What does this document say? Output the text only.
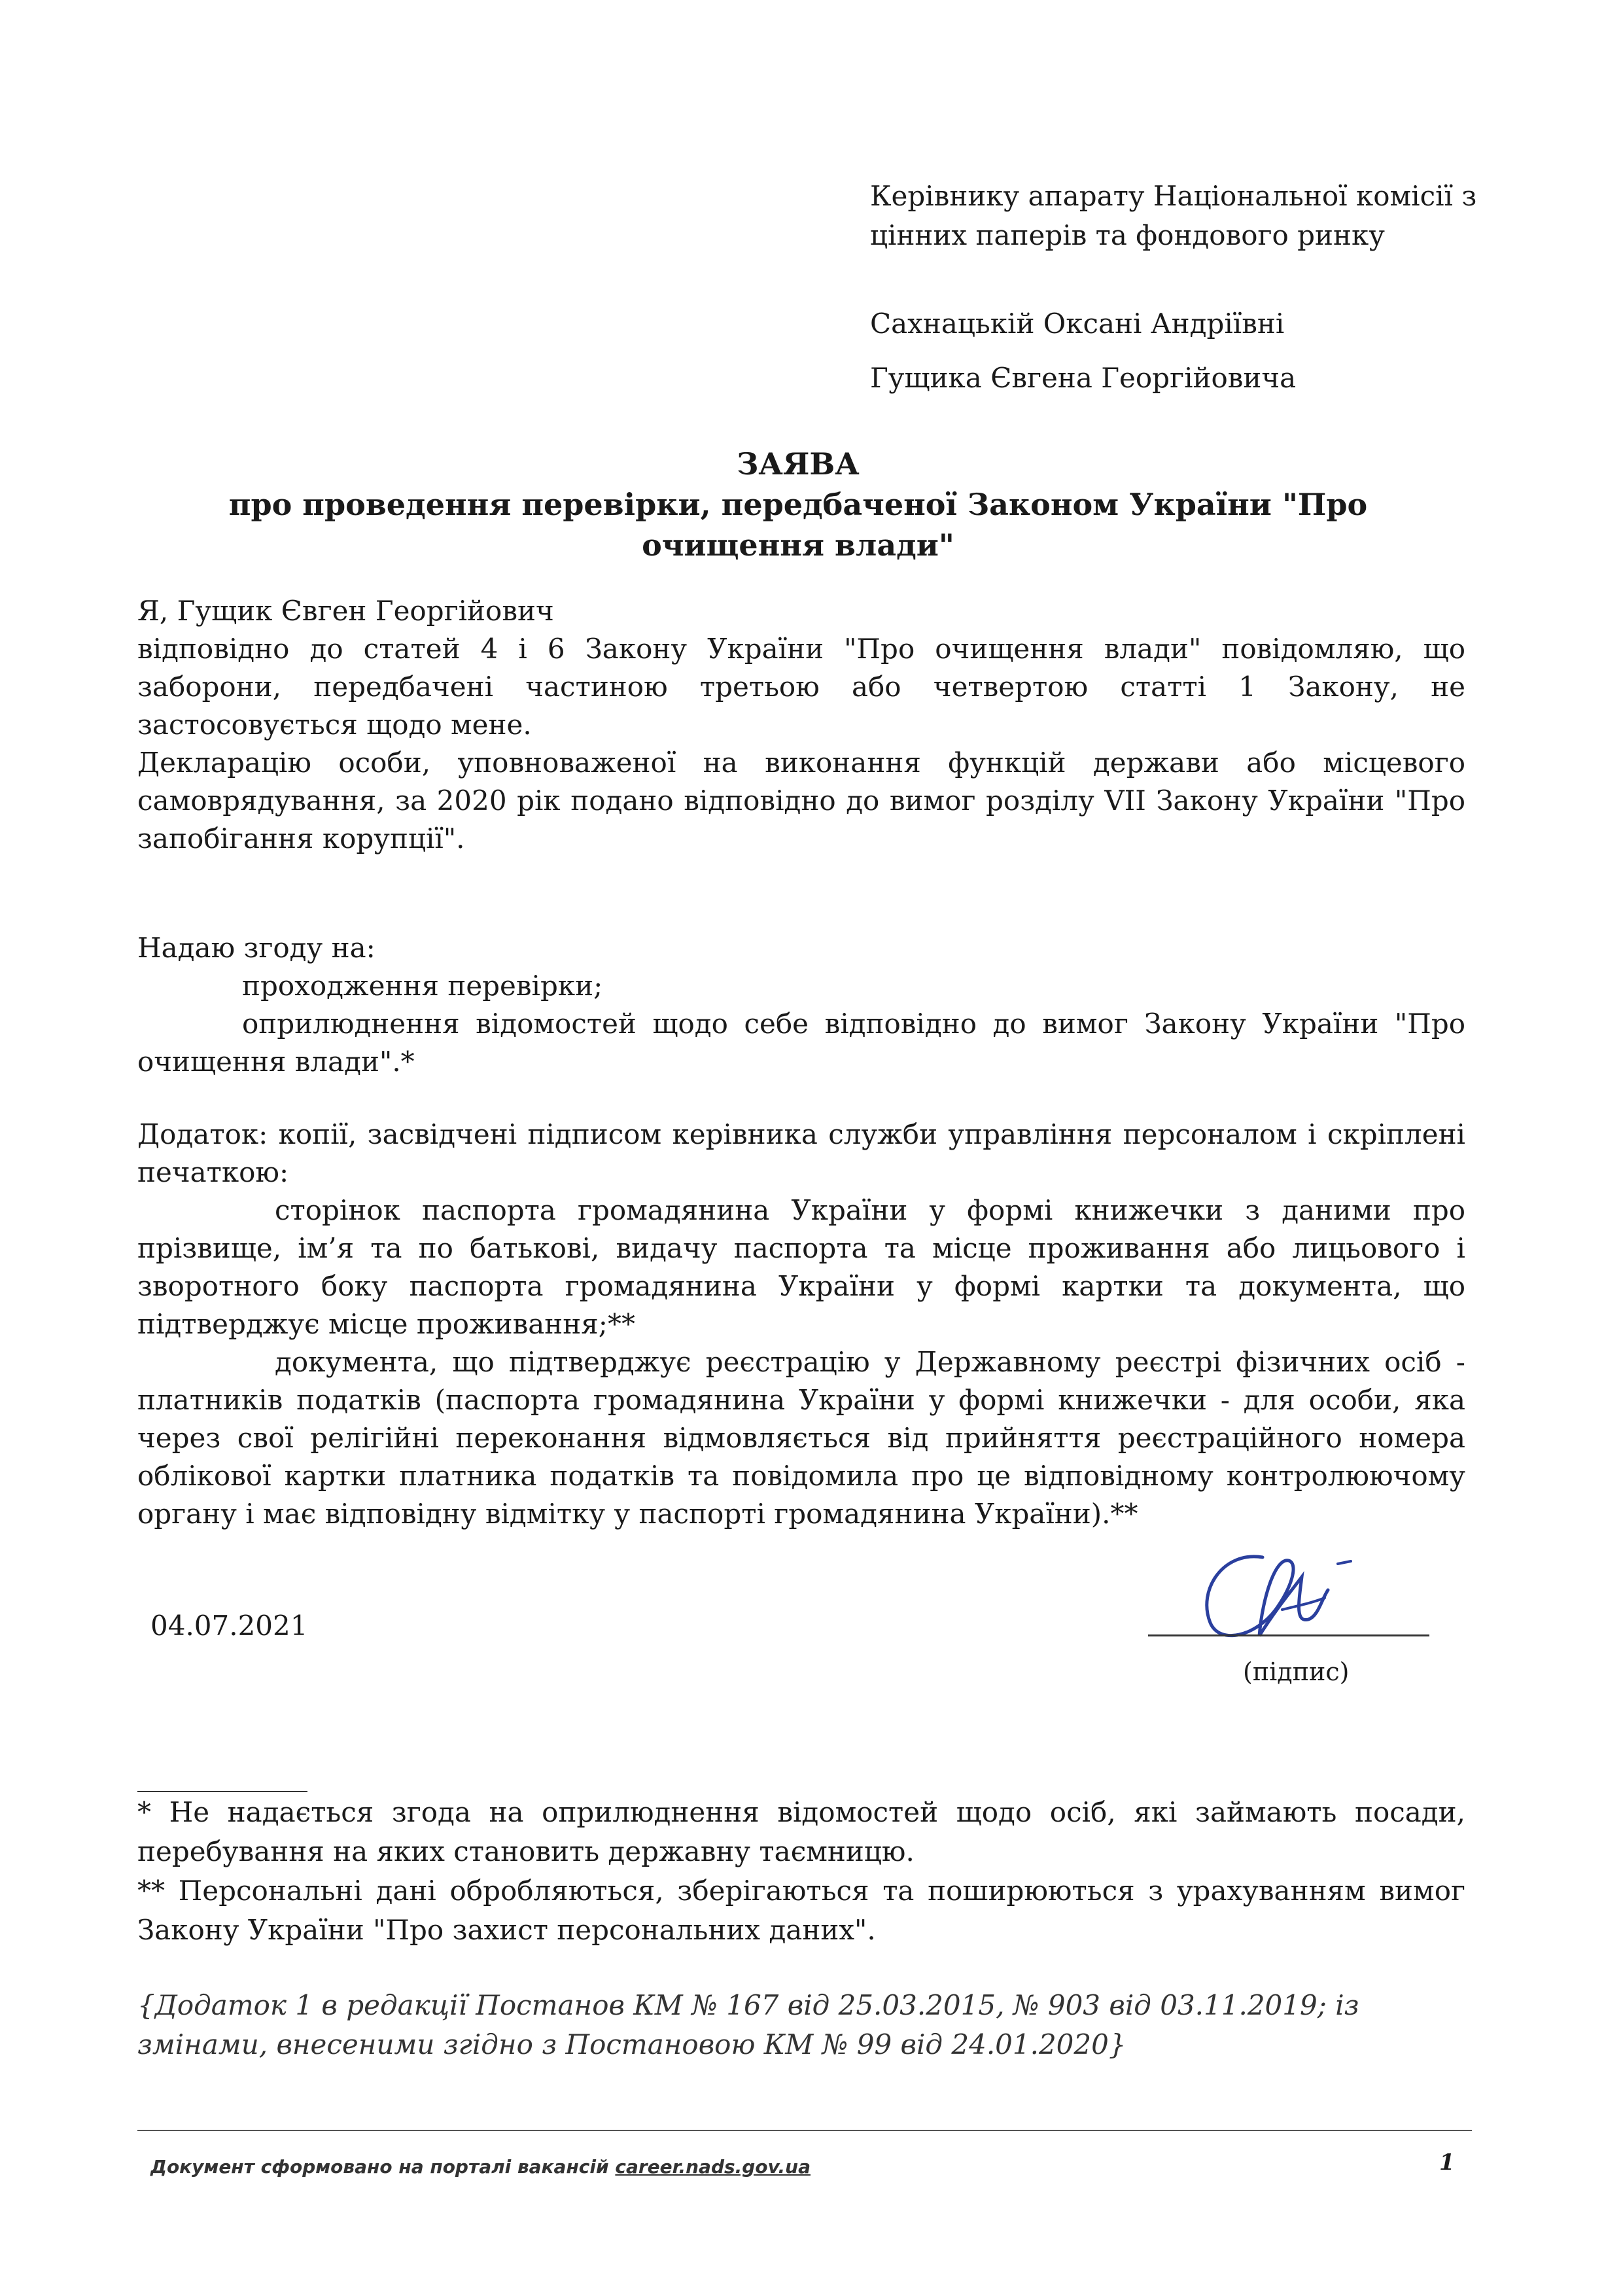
Керівнику апарату Національної комісії з цінних паперів та фондового ринку
Сахнацькій Оксані Андріївні
Гущика Євгена Георгійовича
ЗАЯВА
про проведення перевірки, передбаченої Законом України "Про очищення влади"

Я, Гущик Євген Георгійович

відповідно до статей 4 і 6 Закону України "Про очищення влади" повідомляю, що заборони, передбачені частиною третьою або четвертою статті 1 Закону, не застосовується щодо мене.

Декларацію особи, уповноваженої на виконання функцій держави або місцевого самоврядування, за 2020 рік подано відповідно до вимог розділу VII Закону України "Про запобігання корупції".

Надаю згоду на:

проходження перевірки;

оприлюднення відомостей щодо себе відповідно до вимог Закону України "Про очищення влади".*

Додаток: копії, засвідчені підписом керівника служби управління персоналом і скріплені печаткою:

сторінок паспорта громадянина України у формі книжечки з даними про прізвище, ім’я та по батькові, видачу паспорта та місце проживання або лицьового і зворотного боку паспорта громадянина України у формі картки та документа, що підтверджує місце проживання;**

документа, що підтверджує реєстрацію у Державному реєстрі фізичних осіб - платників податків (паспорта громадянина України у формі книжечки - для особи, яка через свої релігійні переконання відмовляється від прийняття реєстраційного номера облікової картки платника податків та повідомила про це відповідному контролюючому органу і має відповідну відмітку у паспорті громадянина України).**

04.07.2021
(підпис)

* Не надається згода на оприлюднення відомостей щодо осіб, які займають посади, перебування на яких становить державну таємницю.

** Персональні дані обробляються, зберігаються та поширюються з урахуванням вимог Закону України "Про захист персональних даних".

{Додаток 1 в редакції Постанов КМ № 167 від 25.03.2015, № 903 від 03.11.2019; із змінами, внесеними згідно з Постановою КМ № 99 від 24.01.2020}
Документ сформовано на порталі вакансій career.nads.gov.ua	1
